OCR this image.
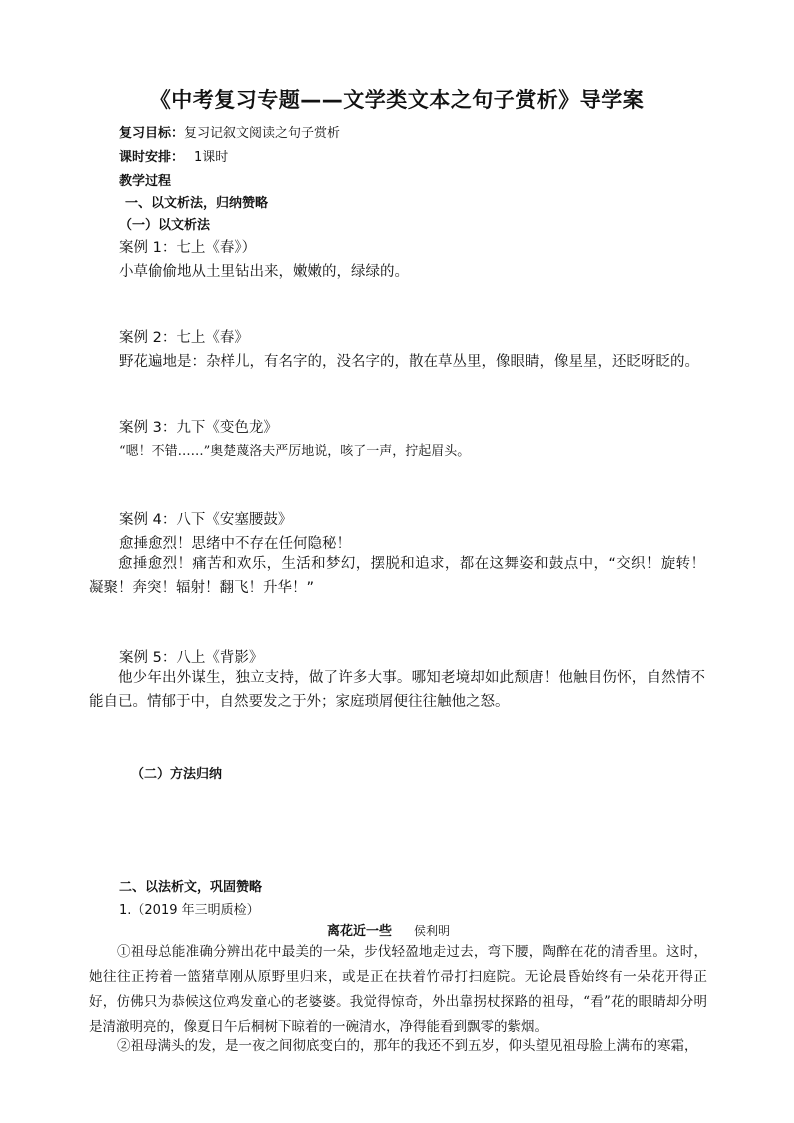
《中考复习专题——文学类文本之句子赏析》导学案
复习目标：复习记叙文阅读之句子赏析
课时安排： 1课时
教学过程
一、以文析法，归纳赞略
（一）以文析法
案例 1：七上《春》）
小草偷偷地从土里钻出来，嫩嫩的，绿绿的。
案例 2：七上《春》
野花遍地是：杂样儿，有名字的，没名字的，散在草丛里，像眼睛，像星星，还眨呀眨的。
案例 3：九下《变色龙》
“嗯！不错……”奥楚蔑洛夫严厉地说，咳了一声，拧起眉头。
案例 4：八下《安塞腰鼓》
愈捶愈烈！思绪中不存在任何隐秘！
愈捶愈烈！痛苦和欢乐，生活和梦幻，摆脱和追求，都在这舞姿和鼓点中，“交织！旋转！凝聚！奔突！辐射！翻飞！升华！”
案例 5：八上《背影》
他少年出外谋生，独立支持，做了许多大事。哪知老境却如此颓唐！他触目伤怀，自然情不能自已。情郁于中，自然要发之于外；家庭琐屑便往往触他之怒。
（二）方法归纳
二、以法析文，巩固赞略
1.（2019 年三明质检）
离花近一些 侯利明
①祖母总能准确分辨出花中最美的一朵，步伐轻盈地走过去，弯下腰，陶醉在花的清香里。这时，她往往正挎着一篮猪草刚从原野里归来，或是正在扶着竹帚打扫庭院。无论晨昏始终有一朵花开得正好，仿佛只为恭候这位鸡发童心的老婆婆。我觉得惊奇，外出靠拐杖探路的祖母，“看”花的眼睛却分明是清澈明亮的，像夏日午后桐树下晾着的一碗清水，净得能看到飘零的紫烟。
②祖母满头的发，是一夜之间彻底变白的，那年的我还不到五岁，仰头望见祖母脸上满布的寒霜，
